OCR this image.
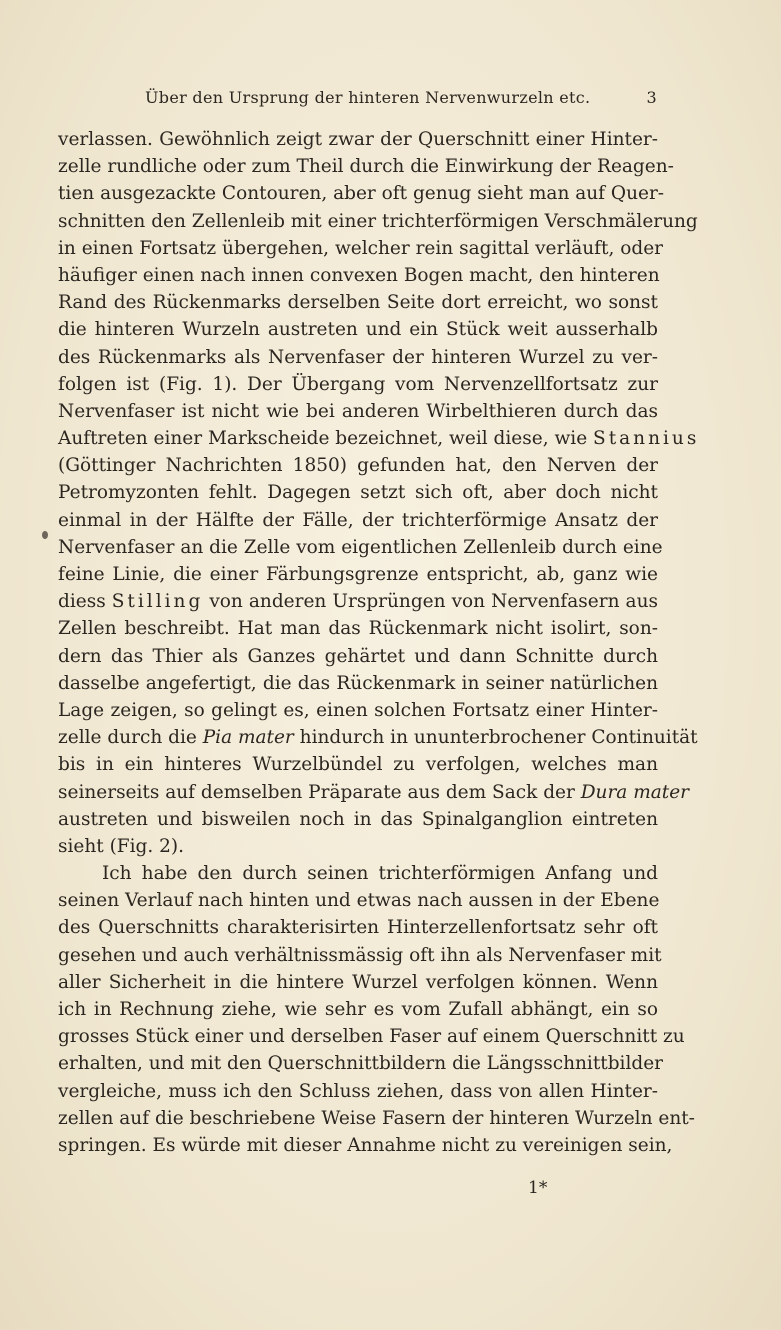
Über den Ursprung der hinteren Nervenwurzeln etc.	3
verlassen. Gewöhnlich zeigt zwar der Querschnitt einer Hinter-
zelle rundliche oder zum Theil durch die Einwirkung der Reagen-
tien ausgezackte Contouren, aber oft genug sieht man auf Quer-
schnitten den Zellenleib mit einer trichterförmigen Verschmälerung
in einen Fortsatz übergehen, welcher rein sagittal verläuft, oder
häufiger einen nach innen convexen Bogen macht, den hinteren
Rand des Rückenmarks derselben Seite dort erreicht, wo sonst
die hinteren Wurzeln austreten und ein Stück weit ausserhalb
des Rückenmarks als Nervenfaser der hinteren Wurzel zu ver-
folgen ist (Fig. 1). Der Übergang vom Nervenzellfortsatz zur
Nervenfaser ist nicht wie bei anderen Wirbelthieren durch das
Auftreten einer Markscheide bezeichnet, weil diese, wie Stannius
(Göttinger Nachrichten 1850) gefunden hat, den Nerven der
Petromyzonten fehlt. Dagegen setzt sich oft, aber doch nicht
einmal in der Hälfte der Fälle, der trichterförmige Ansatz der
Nervenfaser an die Zelle vom eigentlichen Zellenleib durch eine
feine Linie, die einer Färbungsgrenze entspricht, ab, ganz wie
diess Stilling von anderen Ursprüngen von Nervenfasern aus
Zellen beschreibt. Hat man das Rückenmark nicht isolirt, son-
dern das Thier als Ganzes gehärtet und dann Schnitte durch
dasselbe angefertigt, die das Rückenmark in seiner natürlichen
Lage zeigen, so gelingt es, einen solchen Fortsatz einer Hinter-
zelle durch die Pia mater hindurch in ununterbrochener Continuität
bis in ein hinteres Wurzelbündel zu verfolgen, welches man
seinerseits auf demselben Präparate aus dem Sack der Dura mater
austreten und bisweilen noch in das Spinalganglion eintreten
sieht (Fig. 2).
Ich habe den durch seinen trichterförmigen Anfang und
seinen Verlauf nach hinten und etwas nach aussen in der Ebene
des Querschnitts charakterisirten Hinterzellenfortsatz sehr oft
gesehen und auch verhältnissmässig oft ihn als Nervenfaser mit
aller Sicherheit in die hintere Wurzel verfolgen können. Wenn
ich in Rechnung ziehe, wie sehr es vom Zufall abhängt, ein so
grosses Stück einer und derselben Faser auf einem Querschnitt zu
erhalten, und mit den Querschnittbildern die Längsschnittbilder
vergleiche, muss ich den Schluss ziehen, dass von allen Hinter-
zellen auf die beschriebene Weise Fasern der hinteren Wurzeln ent-
springen. Es würde mit dieser Annahme nicht zu vereinigen sein,
1*
